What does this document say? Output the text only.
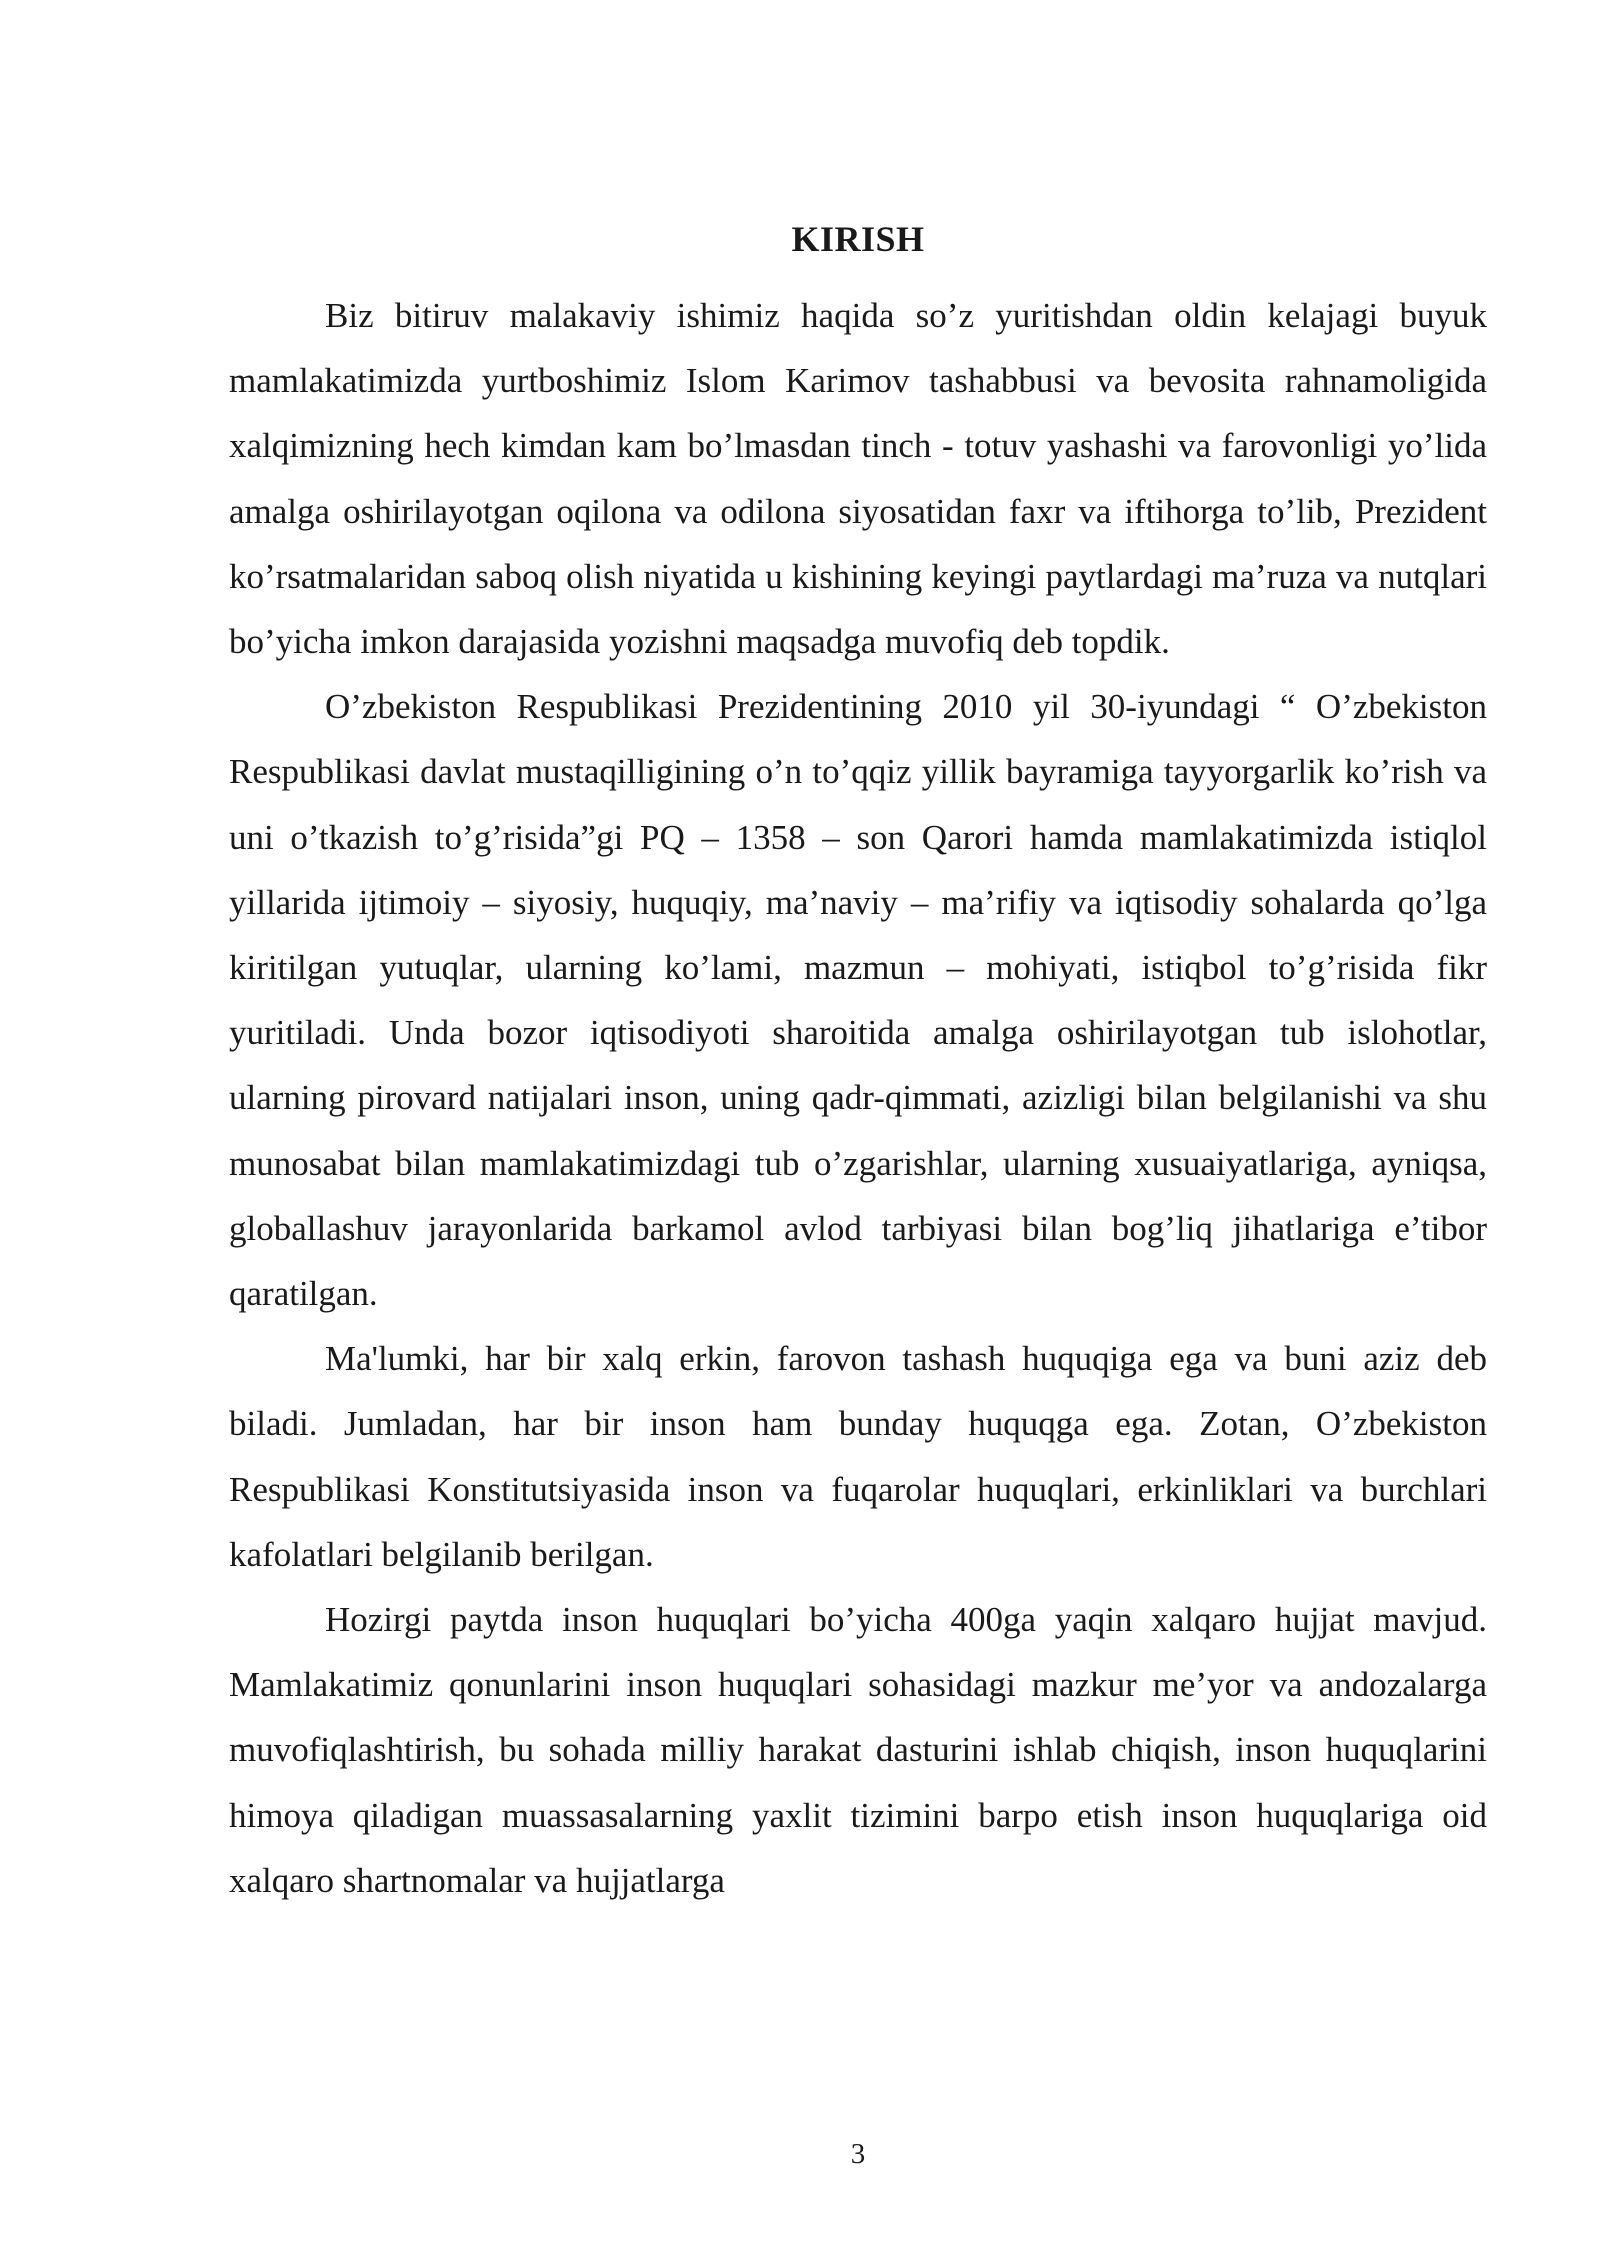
KIRISH

Biz bitiruv malakaviy ishimiz haqida so’z yuritishdan oldin kelajagi buyuk mamlakatimizda yurtboshimiz Islom Karimov tashabbusi va bevosita rahnamoligida xalqimizning hech kimdan kam bo’lmasdan tinch - totuv yashashi va farovonligi yo’lida amalga oshirilayotgan oqilona va odilona siyosatidan faxr va iftihorga to’lib, Prezident ko’rsatmalaridan saboq olish niyatida u kishining keyingi paytlardagi ma’ruza va nutqlari bo’yicha imkon darajasida yozishni maqsadga muvofiq deb topdik.

O’zbekiston Respublikasi Prezidentining 2010 yil 30-iyundagi “ O’zbekiston Respublikasi davlat mustaqilligining o’n to’qqiz yillik bayramiga tayyorgarlik ko’rish va uni o’tkazish to’g’risida”gi PQ – 1358 – son Qarori hamda mamlakatimizda istiqlol yillarida ijtimoiy – siyosiy, huquqiy, ma’naviy – ma’rifiy va iqtisodiy sohalarda qo’lga kiritilgan yutuqlar, ularning ko’lami, mazmun – mohiyati, istiqbol to’g’risida fikr yuritiladi. Unda bozor iqtisodiyoti sharoitida amalga oshirilayotgan tub islohotlar, ularning pirovard natijalari inson, uning qadr-qimmati, azizligi bilan belgilanishi va shu munosabat bilan mamlakatimizdagi tub o’zgarishlar, ularning xusuaiyatlariga, ayniqsa, globallashuv jarayonlarida barkamol avlod tarbiyasi bilan bog’liq jihatlariga e’tibor qaratilgan.

Ma'lumki, har bir xalq erkin, farovon tashash huquqiga ega va buni aziz deb biladi. Jumladan, har bir inson ham bunday huquqga ega. Zotan, O’zbekiston Respublikasi Konstitutsiyasida inson va fuqarolar huquqlari, erkinliklari va burchlari kafolatlari belgilanib berilgan.

Hozirgi paytda inson huquqlari bo’yicha 400ga yaqin xalqaro hujjat mavjud. Mamlakatimiz qonunlarini inson huquqlari sohasidagi mazkur me’yor va andozalarga muvofiqlashtirish, bu sohada milliy harakat dasturini ishlab chiqish, inson huquqlarini himoya qiladigan muassasalarning yaxlit tizimini barpo etish inson huquqlariga oid xalqaro shartnomalar va hujjatlarga

3
